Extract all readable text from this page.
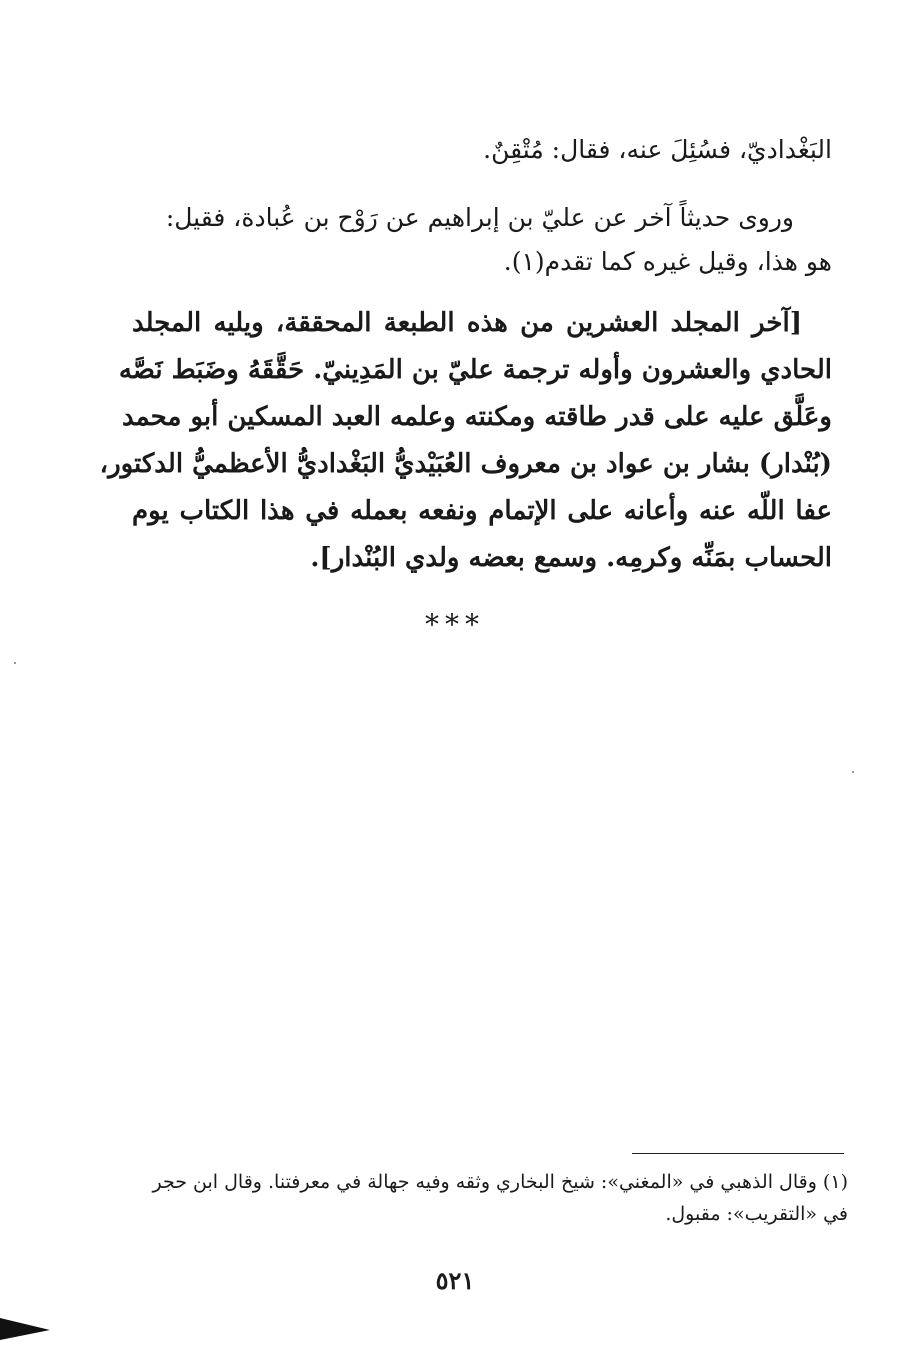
البَغْداديّ، فسُئِلَ عنه، فقال: مُتْقِنٌ.
وروى حديثاً آخر عن عليّ بن إبراهيم عن رَوْح بن عُبادة، فقيل:
هو هذا، وقيل غيره كما تقدم(١).
[آخر المجلد العشرين من هذه الطبعة المحققة، ويليه المجلد
الحادي والعشرون وأوله ترجمة عليّ بن المَدِينيّ. حَقَّقَهُ وضَبَط نَصَّه
وعَلَّق عليه على قدر طاقته ومكنته وعلمه العبد المسكين أبو محمد
(بُنْدار) بشار بن عواد بن معروف العُبَيْديُّ البَغْداديُّ الأعظميُّ الدكتور،
عفا اللّه عنه وأعانه على الإتمام ونفعه بعمله في هذا الكتاب يوم
الحساب بمَنِّه وكرمِه. وسمع بعضه ولدي البُنْدار].
***
(١) وقال الذهبي في «المغني»: شيخ البخاري وثقه وفيه جهالة في معرفتنا. وقال ابن حجر
في «التقريب»: مقبول.
٥٢١
